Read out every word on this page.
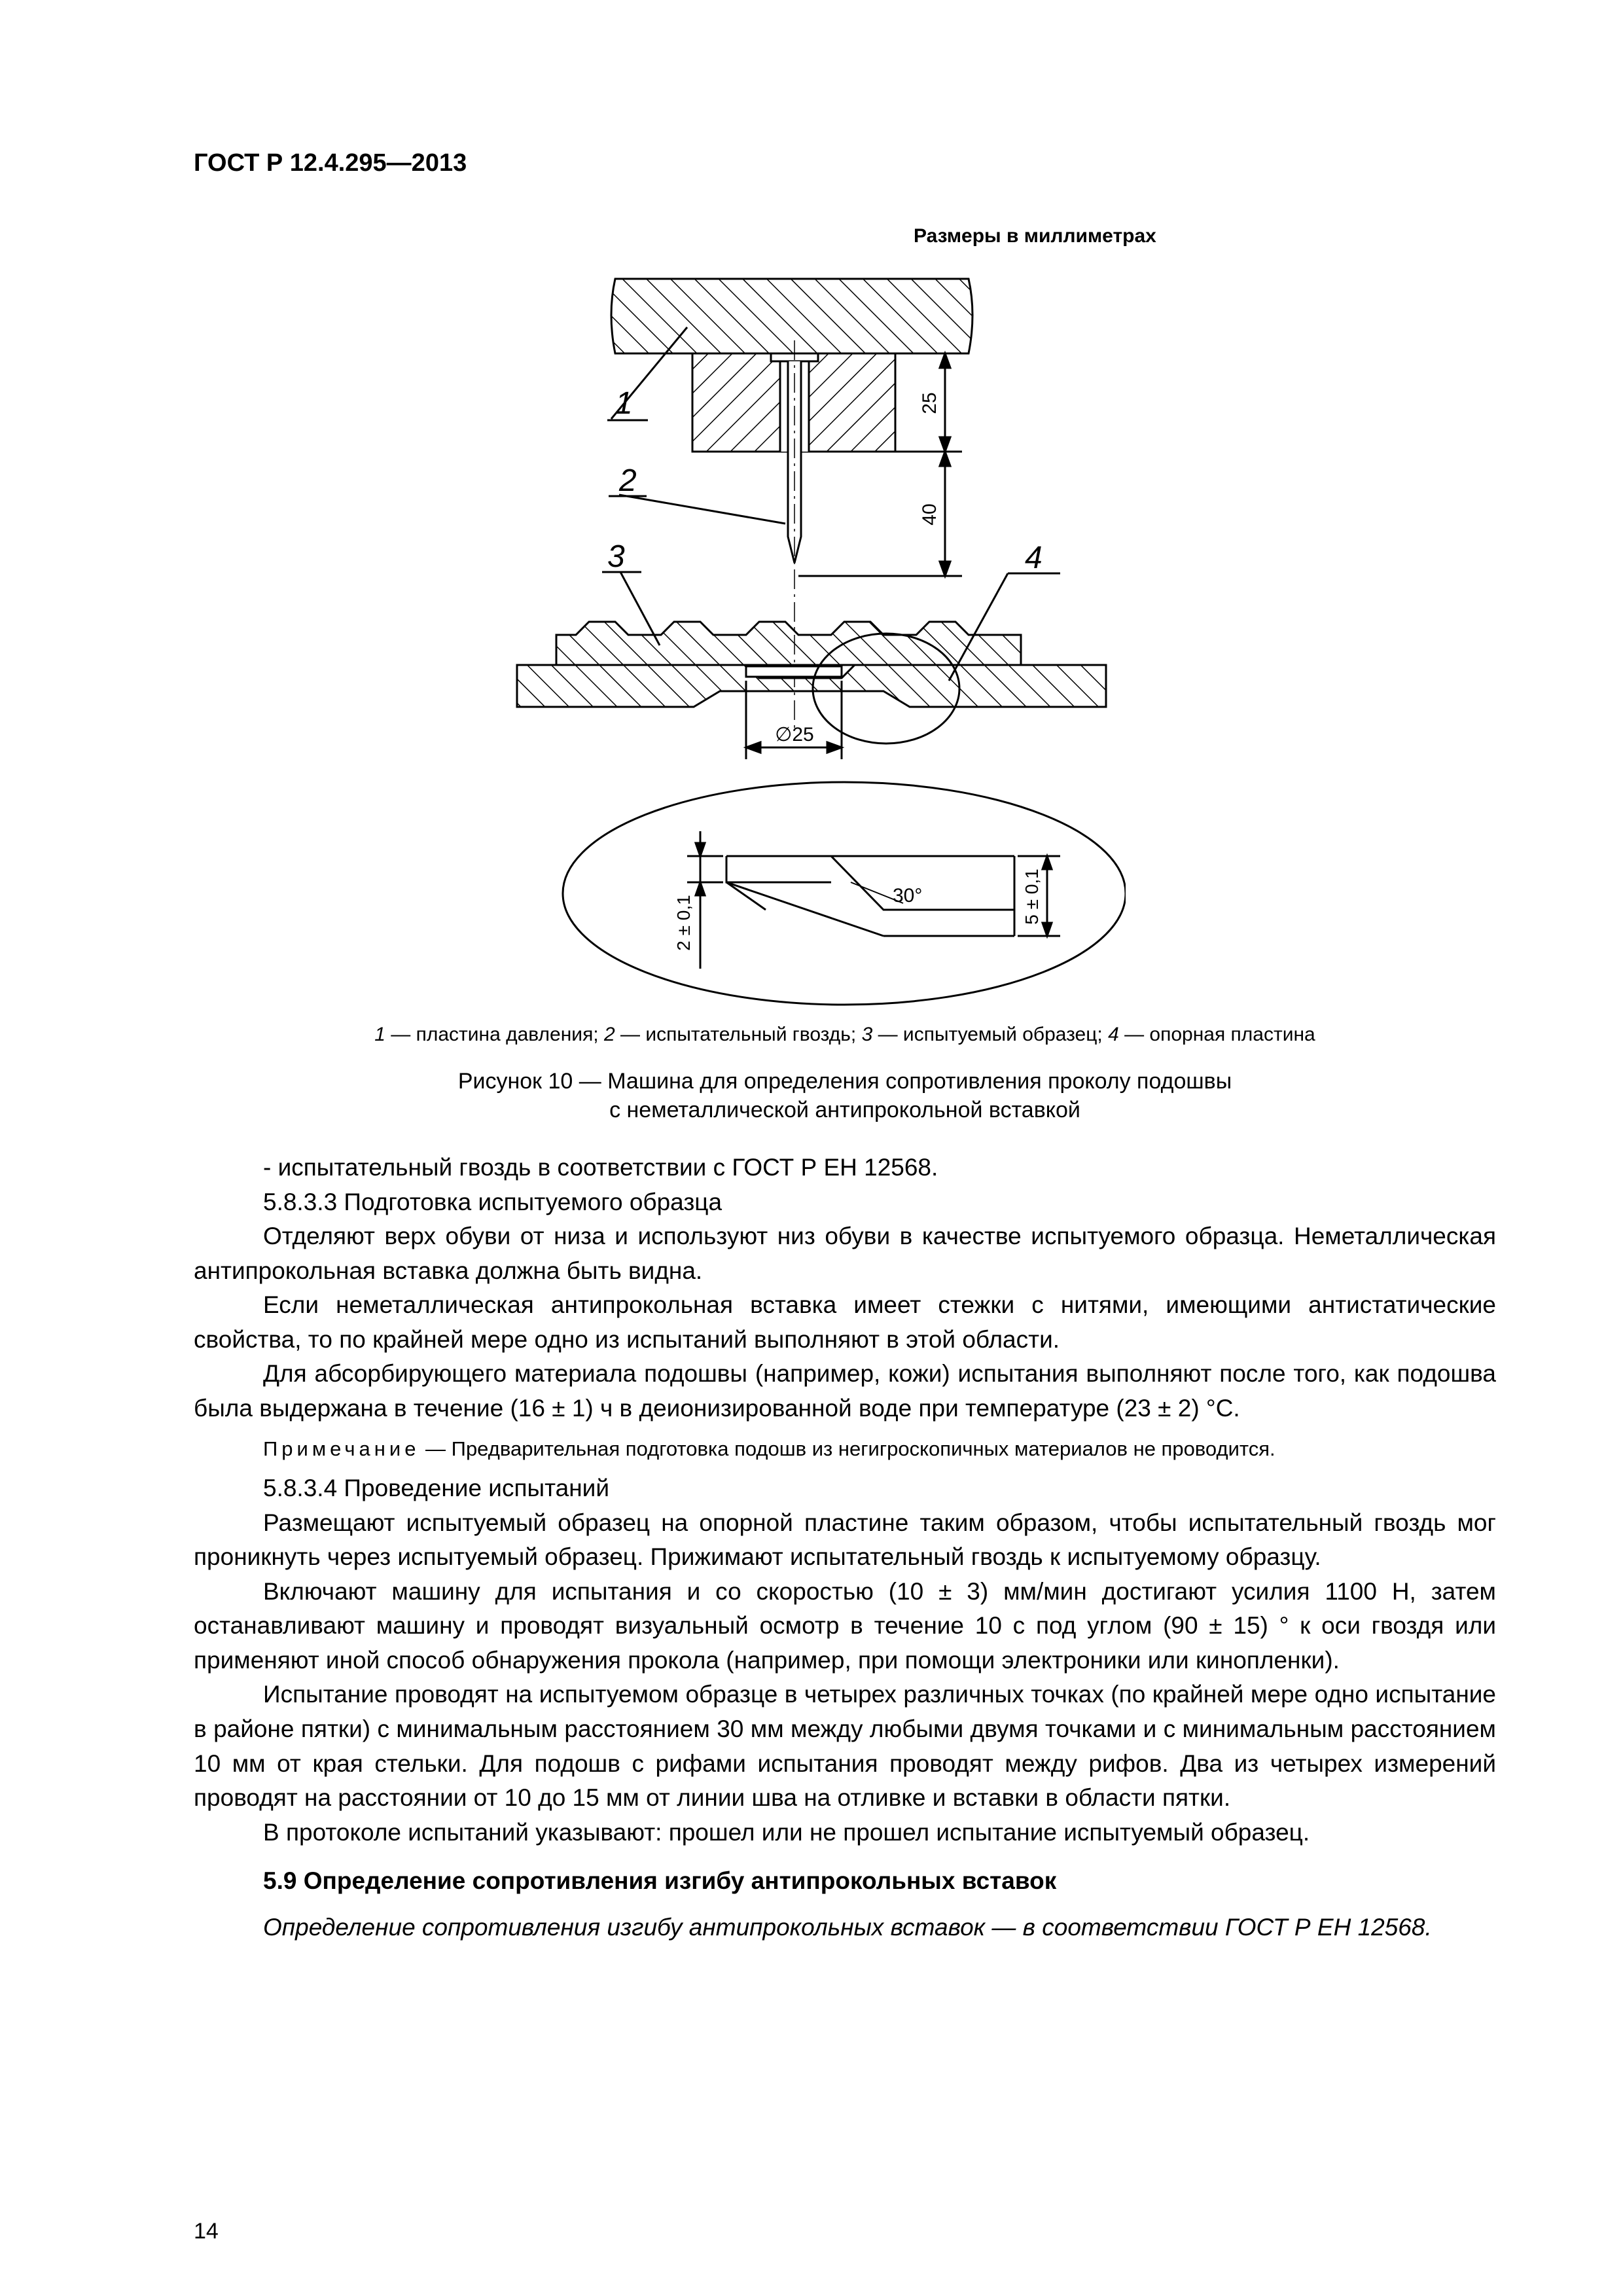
ГОСТ Р 12.4.295—2013
Размеры в миллиметрах
25
40
∅25
1
2
3	4
30°
2 ± 0,1	5 ± 0,1
1 — пластина давления; 2 — испытательный гвоздь; 3 — испытуемый образец; 4 — опорная пластина
Рисунок 10 — Машина для определения сопротивления проколу подошвы
с неметаллической антипрокольной вставкой

- испытательный гвоздь в соответствии с ГОСТ Р ЕН 12568.

5.8.3.3 Подготовка испытуемого образца

Отделяют верх обуви от низа и используют низ обуви в качестве испытуемого образца. Неметаллическая антипрокольная вставка должна быть видна.

Если неметаллическая антипрокольная вставка имеет стежки с нитями, имеющими антистатические свойства, то по крайней мере одно из испытаний выполняют в этой области.

Для абсорбирующего материала подошвы (например, кожи) испытания выполняют после того, как подошва была выдержана в течение (16 ± 1) ч в деионизированной воде при температуре (23 ± 2) °С.

Примечание — Предварительная подготовка подошв из негигроскопичных материалов не проводится.

5.8.3.4 Проведение испытаний

Размещают испытуемый образец на опорной пластине таким образом, чтобы испытательный гвоздь мог проникнуть через испытуемый образец. Прижимают испытательный гвоздь к испытуемому образцу.

Включают машину для испытания и со скоростью (10 ± 3) мм/мин достигают усилия 1100 Н, затем останавливают машину и проводят визуальный осмотр в течение 10 с под углом (90 ± 15) ° к оси гвоздя или применяют иной способ обнаружения прокола (например, при помощи электроники или кинопленки).

Испытание проводят на испытуемом образце в четырех различных точках (по крайней мере одно испытание в районе пятки) с минимальным расстоянием 30 мм между любыми двумя точками и с минимальным расстоянием 10 мм от края стельки. Для подошв с рифами испытания проводят между рифов. Два из четырех измерений проводят на расстоянии от 10 до 15 мм от линии шва на отливке и вставки в области пятки.

В протоколе испытаний указывают: прошел или не прошел испытание испытуемый образец.

5.9 Определение сопротивления изгибу антипрокольных вставок

Определение сопротивления изгибу антипрокольных вставок — в соответствии ГОСТ Р ЕН 12568.

14
